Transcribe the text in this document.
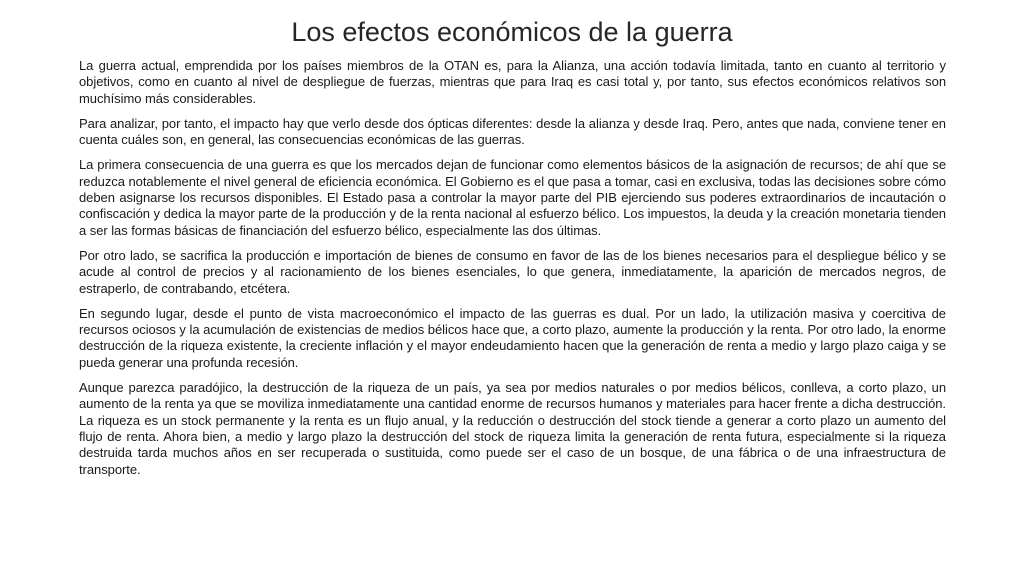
Los efectos económicos de la guerra

La guerra actual, emprendida por los países miembros de la OTAN es, para la Alianza, una acción todavía limitada, tanto en cuanto al territorio y objetivos, como en cuanto al nivel de despliegue de fuerzas, mientras que para Iraq es casi total y, por tanto, sus efectos económicos relativos son muchísimo más considerables.

Para analizar, por tanto, el impacto hay que verlo desde dos ópticas diferentes: desde la alianza y desde Iraq. Pero, antes que nada, conviene tener en cuenta cuáles son, en general, las consecuencias económicas de las guerras.

La primera consecuencia de una guerra es que los mercados dejan de funcionar como elementos básicos de la asignación de recursos; de ahí que se reduzca notablemente el nivel general de eficiencia económica. El Gobierno es el que pasa a tomar, casi en exclusiva, todas las decisiones sobre cómo deben asignarse los recursos disponibles. El Estado pasa a controlar la mayor parte del PIB ejerciendo sus poderes extraordinarios de incautación o confiscación y dedica la mayor parte de la producción y de la renta nacional al esfuerzo bélico. Los impuestos, la deuda y la creación monetaria tienden a ser las formas básicas de financiación del esfuerzo bélico, especialmente las dos últimas.

Por otro lado, se sacrifica la producción e importación de bienes de consumo en favor de las de los bienes necesarios para el despliegue bélico y se acude al control de precios y al racionamiento de los bienes esenciales, lo que genera, inmediatamente, la aparición de mercados negros, de estraperlo, de contrabando, etcétera.

En segundo lugar, desde el punto de vista macroeconómico el impacto de las guerras es dual. Por un lado, la utilización masiva y coercitiva de recursos ociosos y la acumulación de existencias de medios bélicos hace que, a corto plazo, aumente la producción y la renta. Por otro lado, la enorme destrucción de la riqueza existente, la creciente inflación y el mayor endeudamiento hacen que la generación de renta a medio y largo plazo caiga y se pueda generar una profunda recesión.

Aunque parezca paradójico, la destrucción de la riqueza de un país, ya sea por medios naturales o por medios bélicos, conlleva, a corto plazo, un aumento de la renta ya que se moviliza inmediatamente una cantidad enorme de recursos humanos y materiales para hacer frente a dicha destrucción. La riqueza es un stock permanente y la renta es un flujo anual, y la reducción o destrucción del stock tiende a generar a corto plazo un aumento del flujo de renta. Ahora bien, a medio y largo plazo la destrucción del stock de riqueza limita la generación de renta futura, especialmente si la riqueza destruida tarda muchos años en ser recuperada o sustituida, como puede ser el caso de un bosque, de una fábrica o de una infraestructura de transporte.
